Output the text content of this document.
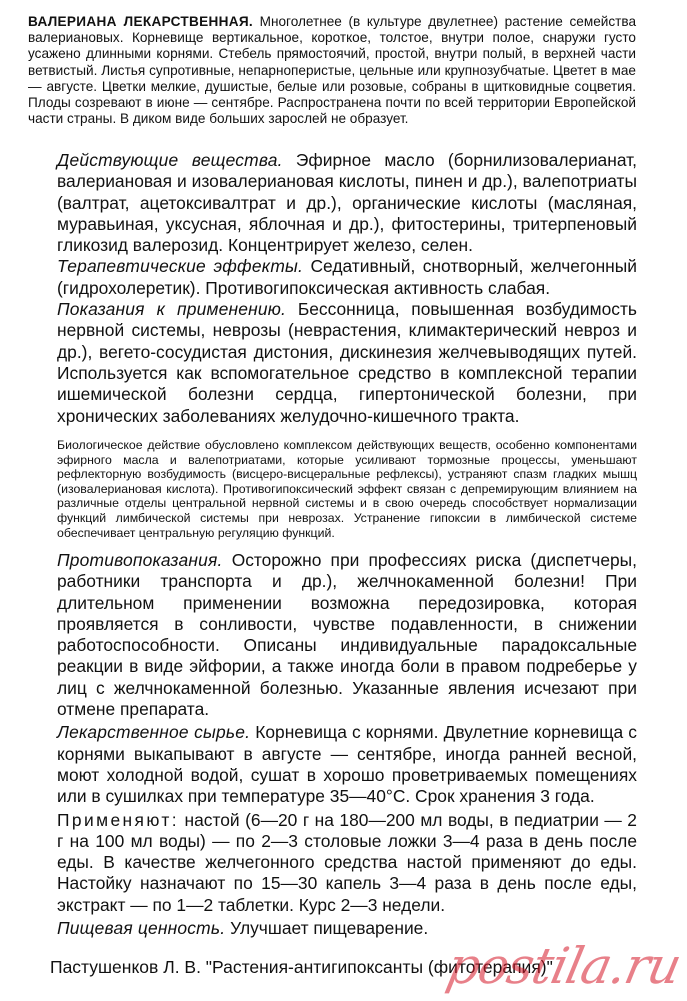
ВАЛЕРИАНА ЛЕКАРСТВЕННАЯ. Многолетнее (в культуре двулетнее) растение семейства валериановых. Корневище вертикальное, короткое, толстое, внутри полое, снаружи густо усажено длинными корнями. Стебель прямостоячий, простой, внутри полый, в верхней части ветвистый. Листья супротивные, непарноперистые, цельные или крупнозубчатые. Цветет в мае — августе. Цветки мелкие, душистые, белые или розовые, собраны в щитковидные соцветия. Плоды созревают в июне — сентябре. Распространена почти по всей территории Европейской части страны. В диком виде больших зарослей не образует.

Действующие вещества. Эфирное масло (борнилизовалерианат, валериановая и изовалериановая кислоты, пинен и др.), валепотриаты (валтрат, ацетоксивалтрат и др.), органические кислоты (масляная, муравьиная, уксусная, яблочная и др.), фитостерины, тритерпеновый гликозид валерозид. Концентрирует железо, селен.

Терапевтические эффекты. Седативный, снотворный, желчегонный (гидрохолеретик). Противогипоксическая активность слабая.

Показания к применению. Бессонница, повышенная возбудимость нервной системы, неврозы (неврастения, климактерический невроз и др.), вегето-сосудистая дистония, дискинезия желчевыводящих путей. Используется как вспомогательное средство в комплексной терапии ишемической болезни сердца, гипертонической болезни, при хронических заболеваниях желудочно-кишечного тракта.

Биологическое действие обусловлено комплексом действующих веществ, особенно компонентами эфирного масла и валепотриатами, которые усиливают тормозные процессы, уменьшают рефлекторную возбудимость (висцеро-висцеральные рефлексы), устраняют спазм гладких мышц (изовалериановая кислота). Противогипоксический эффект связан с депремирующим влиянием на различные отделы центральной нервной системы и в свою очередь способствует нормализации функций лимбической системы при неврозах. Устранение гипоксии в лимбической системе обеспечивает центральную регуляцию функций.

Противопоказания. Осторожно при профессиях риска (диспетчеры, работники транспорта и др.), желчнокаменной болезни! При длительном применении возможна передозировка, которая проявляется в сонливости, чувстве подавленности, в снижении работоспособности. Описаны индивидуальные парадоксальные реакции в виде эйфории, а также иногда боли в правом подреберье у лиц с желчнокаменной болезнью. Указанные явления исчезают при отмене препарата.

Лекарственное сырье. Корневища с корнями. Двулетние корневища с корнями выкапывают в августе — сентябре, иногда ранней весной, моют холодной водой, сушат в хорошо проветриваемых помещениях или в сушилках при температуре 35—40°С. Срок хранения 3 года.

Применяют: настой (6—20 г на 180—200 мл воды, в педиатрии — 2 г на 100 мл воды) — по 2—3 столовые ложки 3—4 раза в день после еды. В качестве желчегонного средства настой применяют до еды. Настойку назначают по 15—30 капель 3—4 раза в день после еды, экстракт — по 1—2 таблетки. Курс 2—3 недели.

Пищевая ценность. Улучшает пищеварение.

Пастушенков Л. В. "Растения-антигипоксанты (фитотерапия)"
postila.ru
